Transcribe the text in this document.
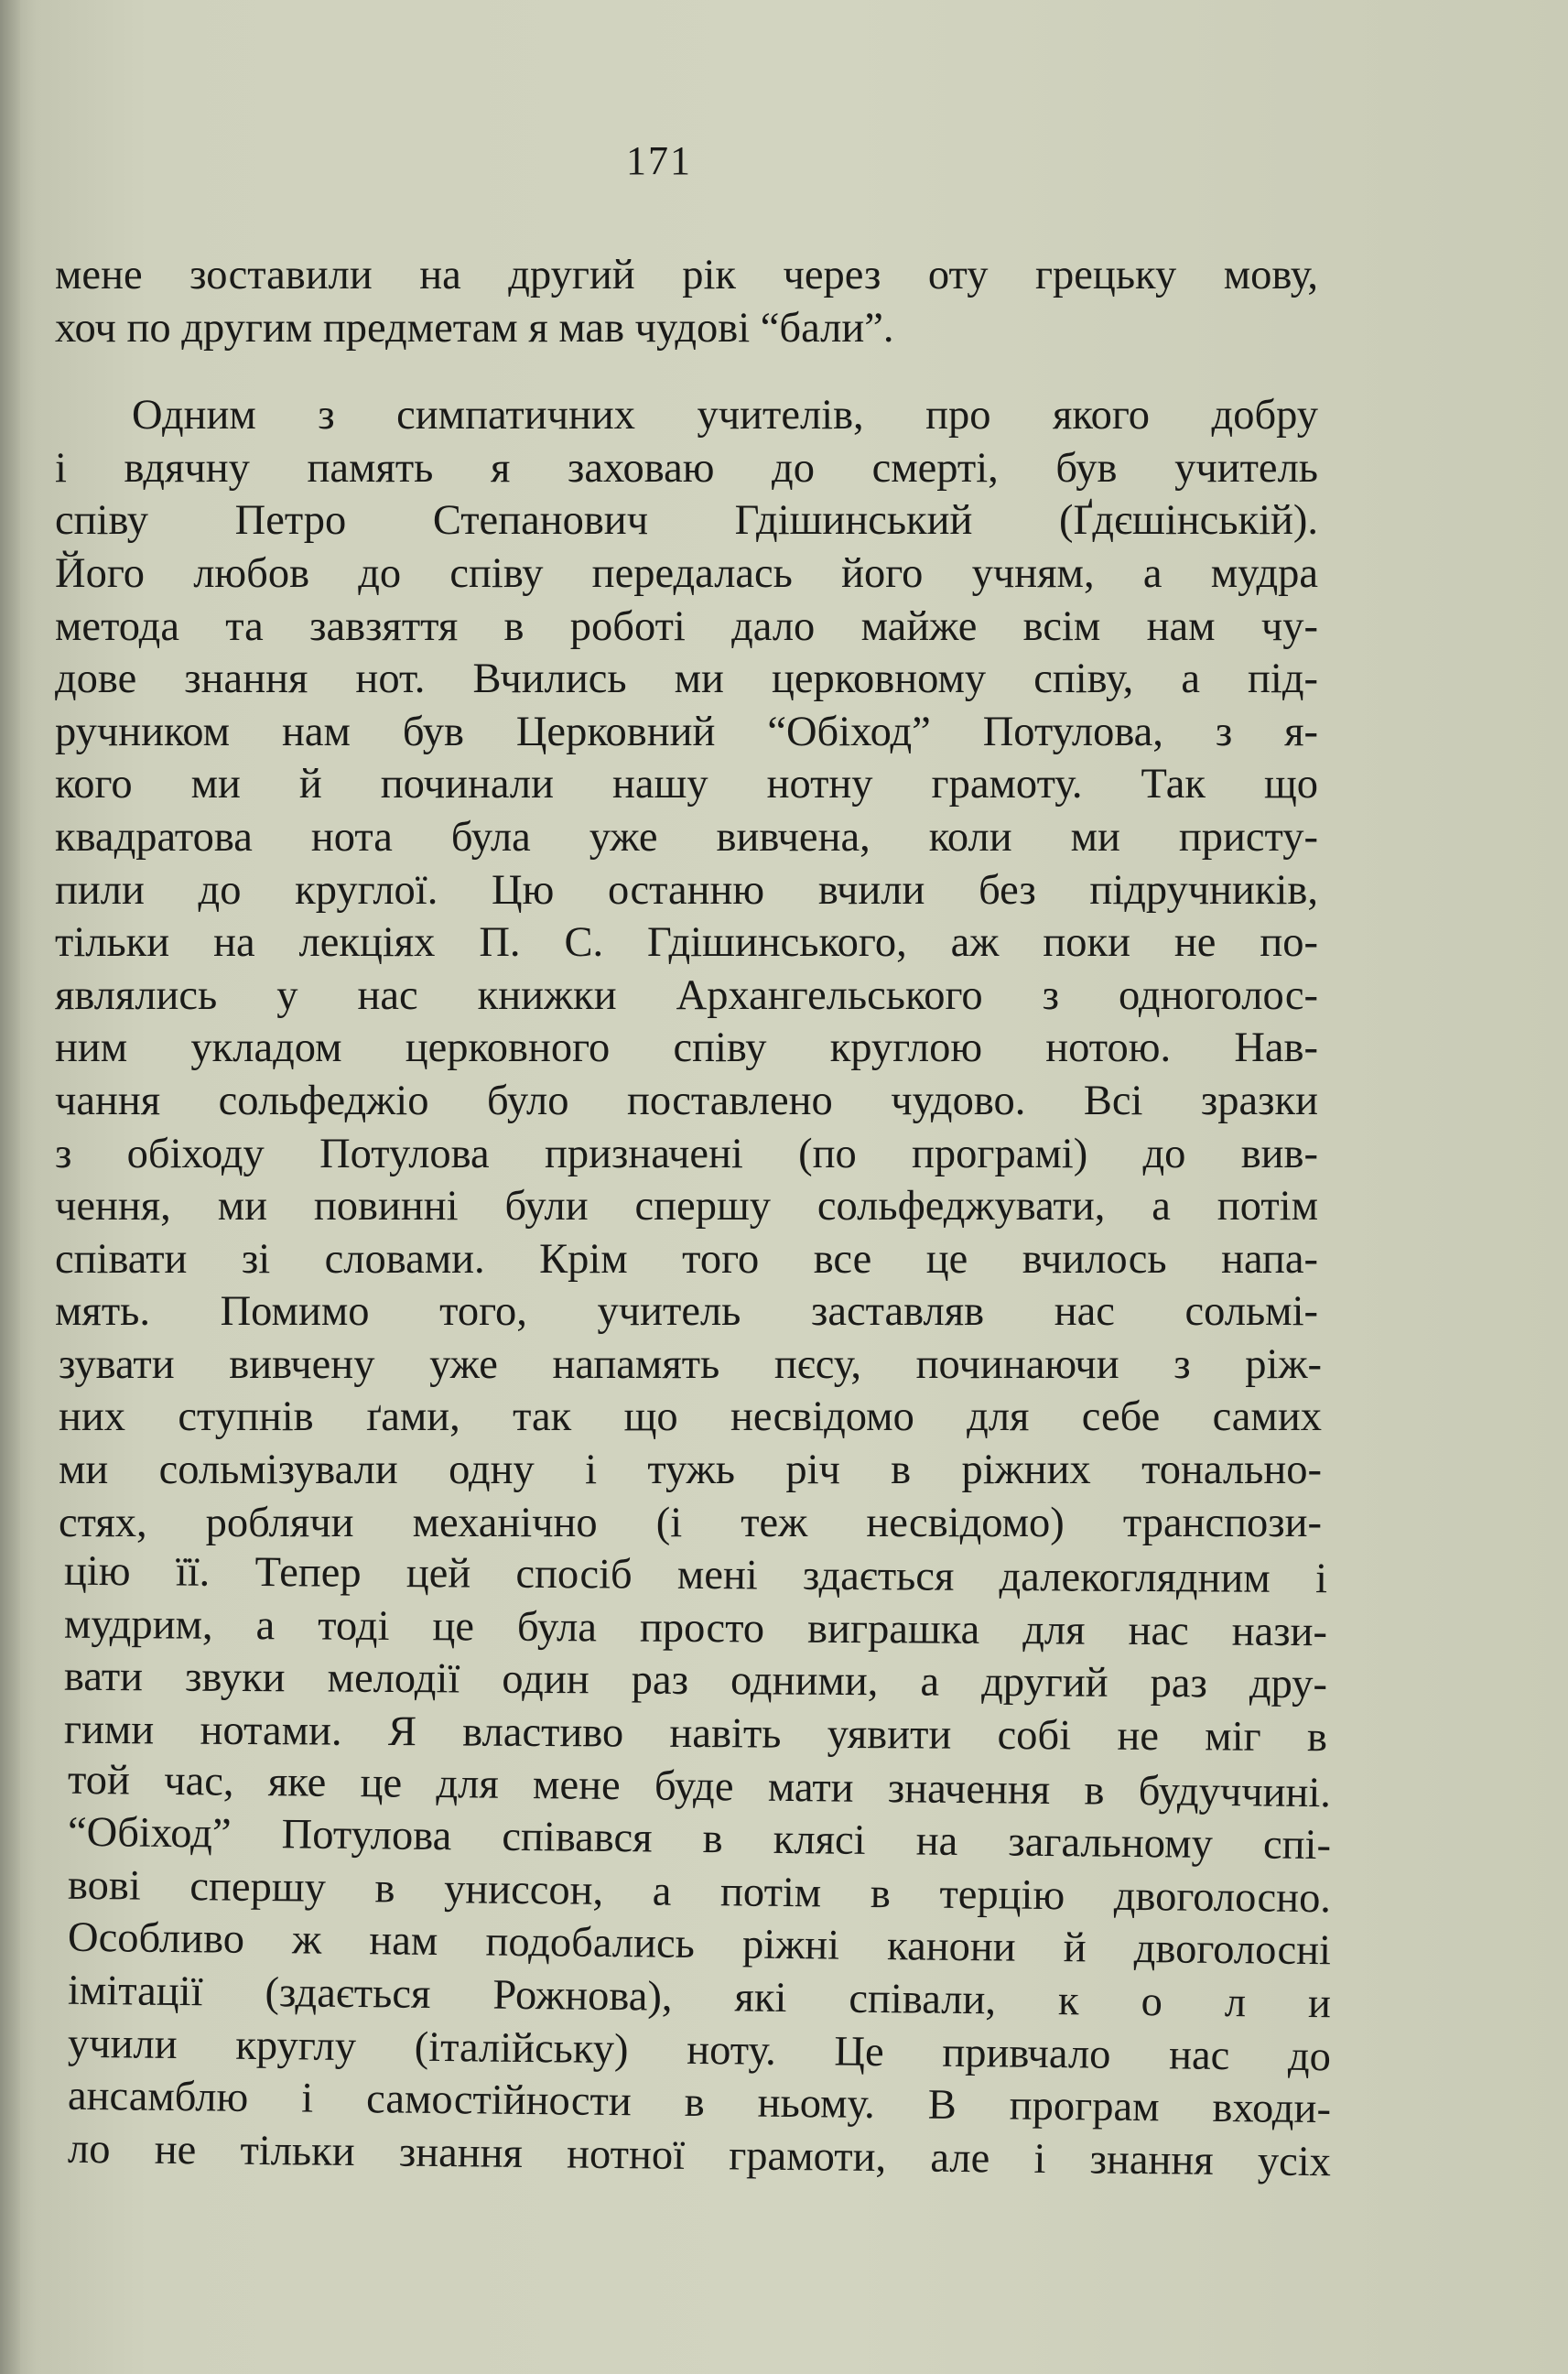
171

мене зоставили на другий рік через оту грецьку мову,
хоч по другим предметам я мав чудові “бали”.

Одним з симпатичних учителів, про якого добру
і вдячну память я заховаю до смерті, був учитель
співу Петро Степанович Гдішинський (Ґдєшінській).
Його любов до співу передалась його учням, а мудра
метода та завзяття в роботі дало майже всім нам чу-
дове знання нот. Вчились ми церковному співу, а під-
ручником нам був Церковний “Обіход” Потулова, з я-
кого ми й починали нашу нотну грамоту. Так що
квадратова нота була уже вивчена, коли ми присту-
пили до круглої. Цю останню вчили без підручників,
тільки на лекціях П. С. Гдішинського, аж поки не по-
являлись у нас книжки Архангельського з одноголос-
ним укладом церковного співу круглою нотою. Нав-
чання сольфеджіо було поставлено чудово. Всі зразки
з обіходу Потулова призначені (по програмі) до вив-
чення, ми повинні були спершу сольфеджувати, а потім
співати зі словами. Крім того все це вчилось напа-
мять. Помимо того, учитель заставляв нас сольмі-
зувати вивчену уже напамять пєсу, починаючи з ріж-
них ступнів ґами, так що несвідомо для себе самих
ми сольмізували одну і тужь річ в ріжних тонально-
стях, роблячи механічно (і теж несвідомо) транспози-
цію її. Тепер цей спосіб мені здається далекоглядним і
мудрим, а тоді це була просто виграшка для нас нази-
вати звуки мелодії один раз одними, а другий раз дру-
гими нотами. Я властиво навіть уявити собі не міг в
той час, яке це для мене буде мати значення в будуччині.
“Обіход” Потулова співався в клясі на загальному спі-
вові спершу в униссон, а потім в терцію двоголосно.
Особливо ж нам подобались ріжні канони й двоголосні
імітації (здається Рожнова), які співали, к о л и
учили круглу (італійську) ноту. Це привчало нас до
ансамблю і самостійности в ньому. В програм входи-
ло не тільки знання нотної грамоти, але і знання усіх
